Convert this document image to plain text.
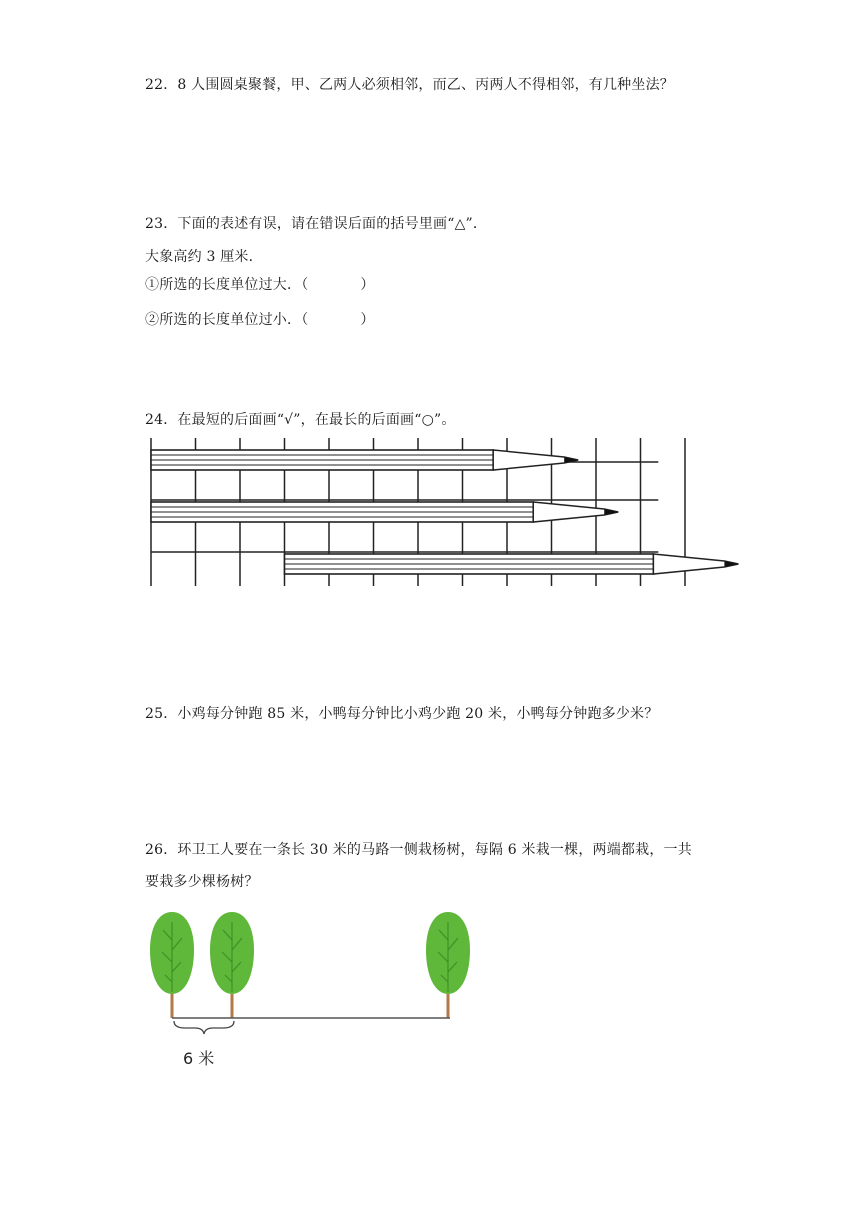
22．8 人围圆桌聚餐，甲、乙两人必须相邻，而乙、丙两人不得相邻，有几种坐法？
23．下面的表述有误，请在错误后面的括号里画“△”．
大象高约 3 厘米．
①所选的长度单位过大．（	）
②所选的长度单位过小．（	）
24．在最短的后面画“√”，在最长的后面画“○”。
25．小鸡每分钟跑 85 米，小鸭每分钟比小鸡少跑 20 米，小鸭每分钟跑多少米？
26．环卫工人要在一条长 30 米的马路一侧栽杨树，每隔 6 米栽一棵，两端都栽，一共
要栽多少棵杨树？
6 米
